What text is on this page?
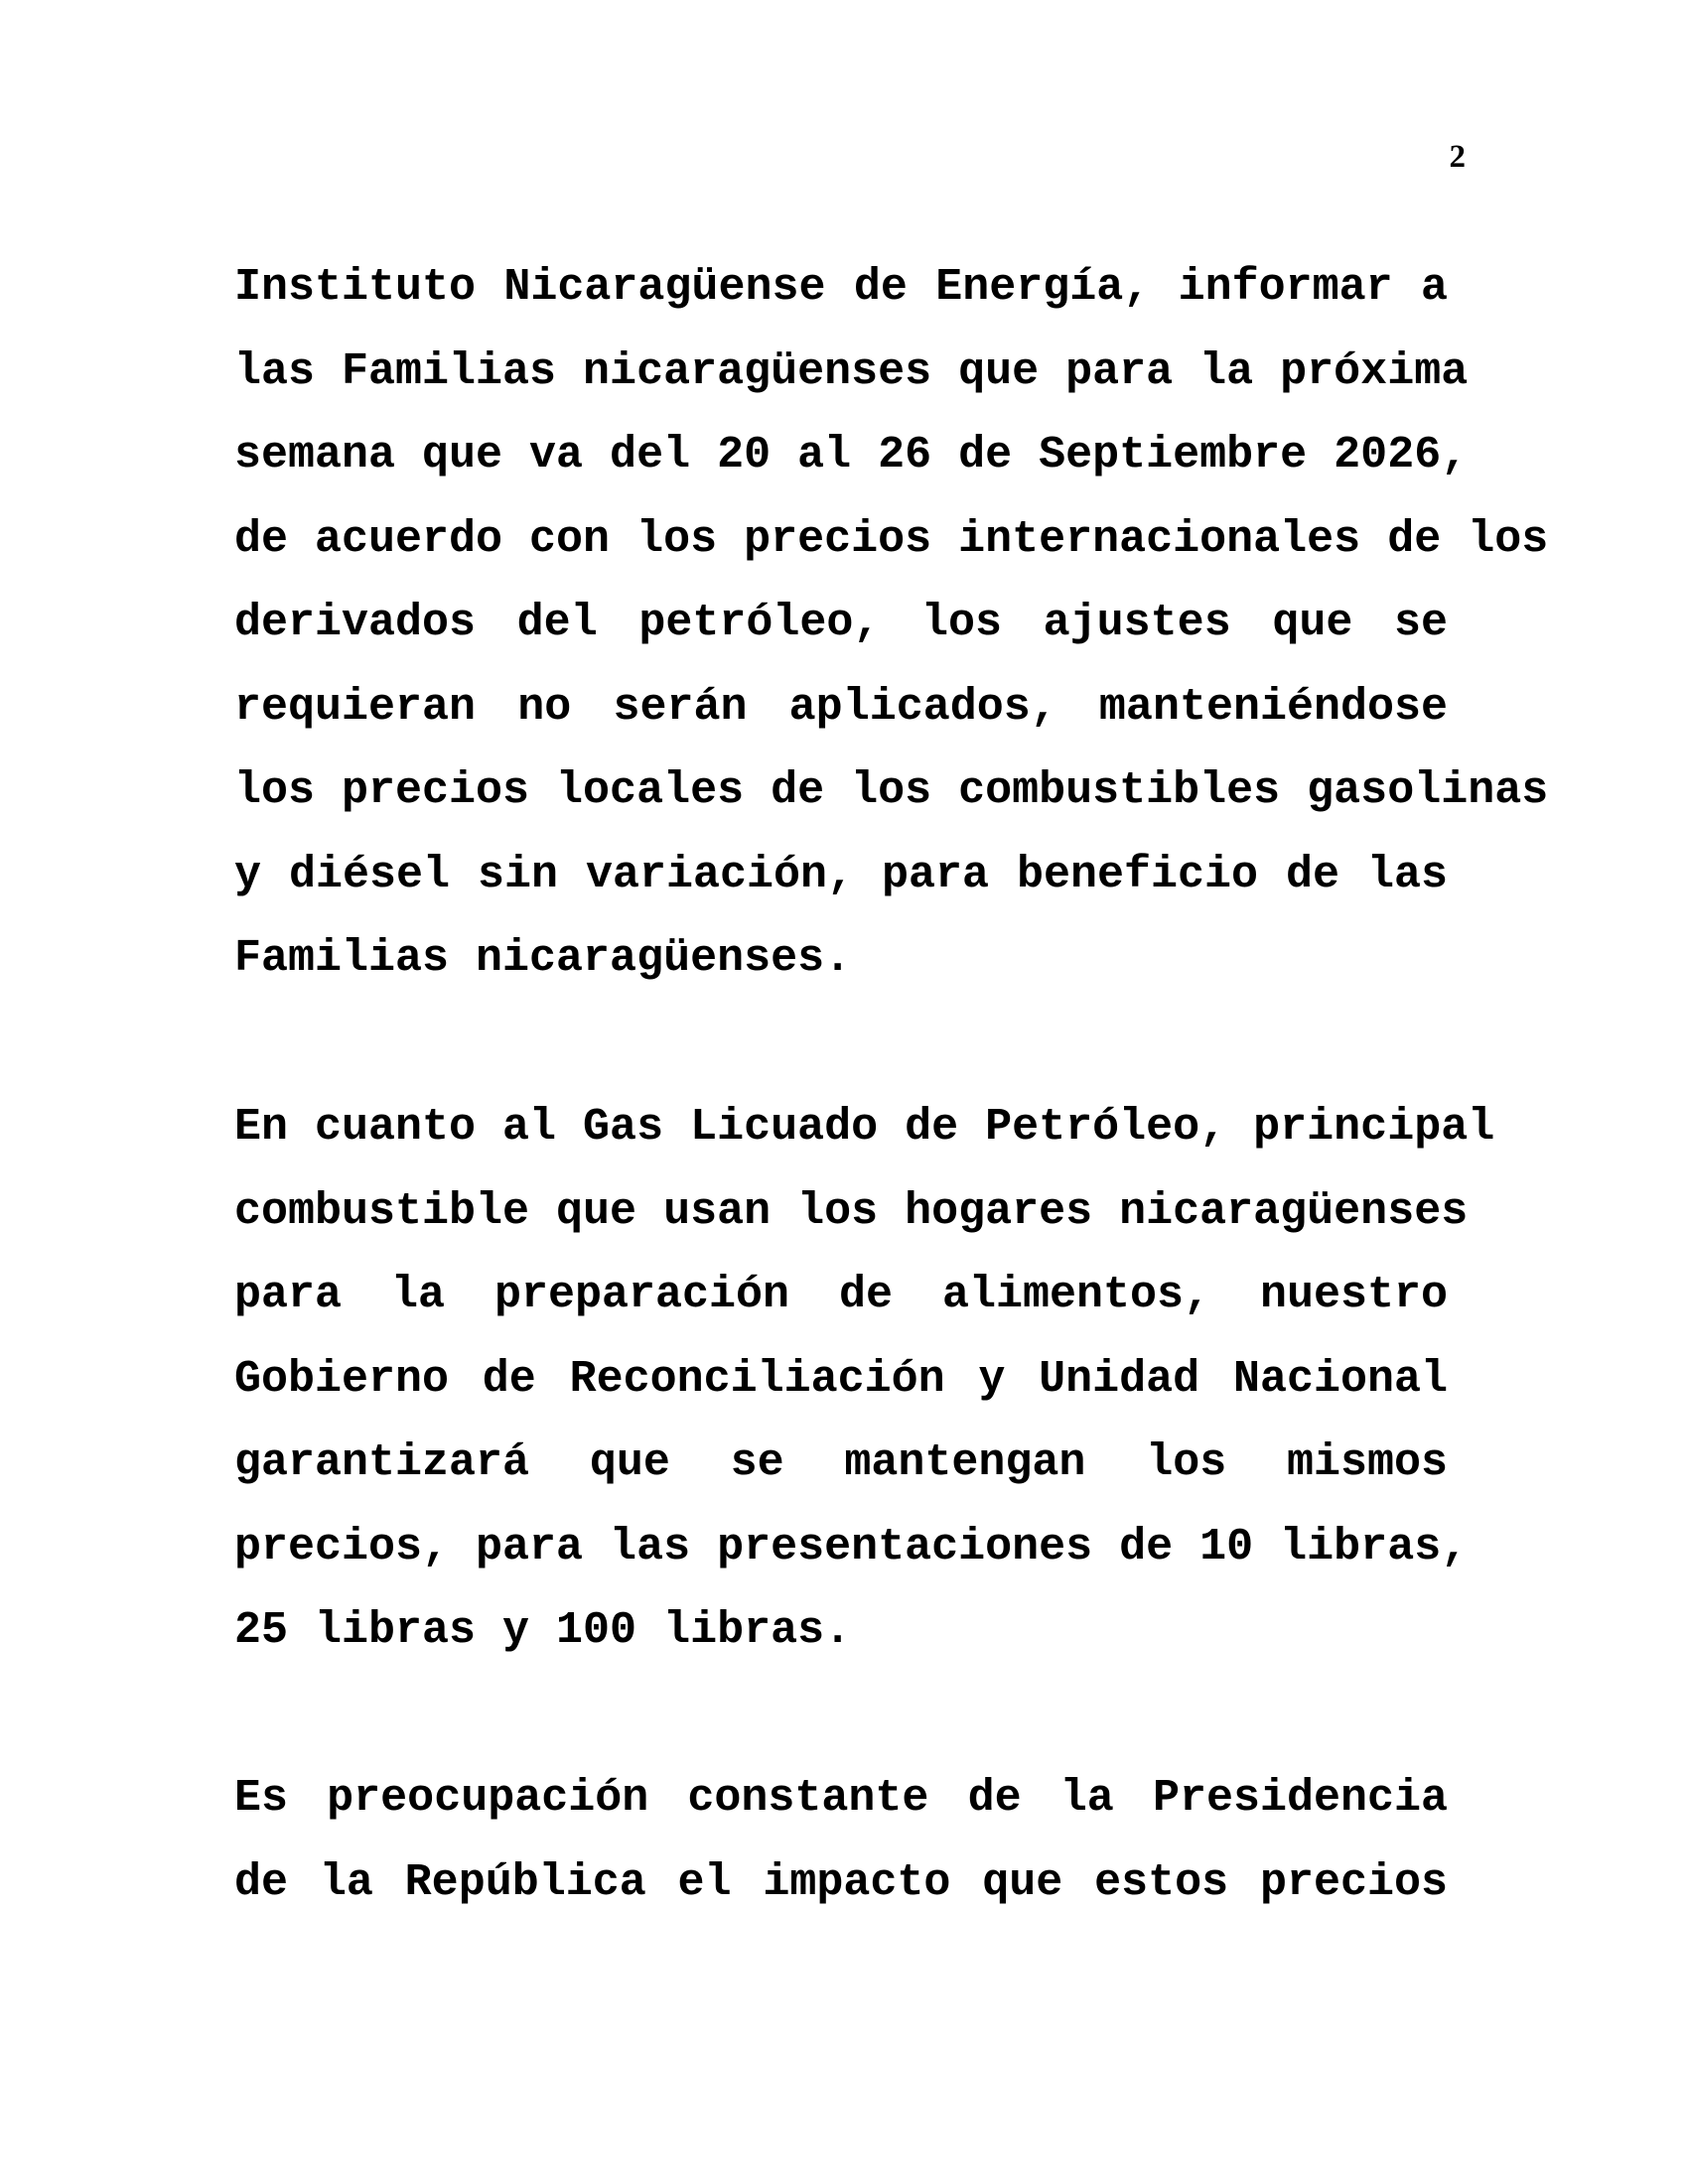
2
Instituto Nicaragüense de Energía, informar a
las Familias nicaragüenses que para la próxima
semana que va del 20 al 26 de Septiembre 2026,
de acuerdo con los precios internacionales de los
derivados del petróleo, los ajustes que se
requieran no serán aplicados, manteniéndose
los precios locales de los combustibles gasolinas
y diésel sin variación, para beneficio de las
Familias nicaragüenses.
En cuanto al Gas Licuado de Petróleo, principal
combustible que usan los hogares nicaragüenses
para la preparación de alimentos, nuestro
Gobierno de Reconciliación y Unidad Nacional
garantizará que se mantengan los mismos
precios, para las presentaciones de 10 libras,
25 libras y 100 libras.
Es preocupación constante de la Presidencia
de la República el impacto que estos precios
